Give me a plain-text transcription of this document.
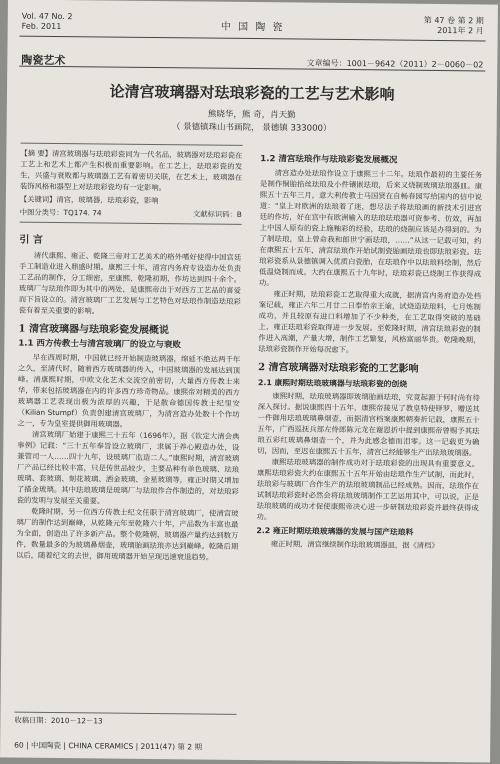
Vol. 47 No. 2
Feb. 2011	中 国 陶 瓷
第 47 卷 第 2 期
2011年 2 月
陶瓷艺术	文章编号：1001－9642（2011）2－0060－02
论清宫玻璃器对珐琅彩瓷的工艺与艺术影响
熊晓华，熊 奇，肖天勤
（ 景德镇珠山书画院， 景德镇 333000）

【摘 要】清宫玻璃器与珐琅彩瓷同为一代名品，玻璃器对珐琅彩瓷在工艺上和艺术上都产生积极而重要影响。在工艺上，珐琅彩瓷的发生，兴盛与衰败都与玻璃器工艺有着密切关联，在艺术上，玻璃器在装饰风格和器型上对珐琅彩瓷均有一定影响。

【关键词】清宫，玻璃器，珐琅彩瓷，影响

中图分类号：TQ174. 74	文献标识码：B
引 言

清代康熙、雍正、乾隆三帝对工艺美术的格外嗜好使得中国宫廷手工制造业进入鼎盛时期。康熙三十年，清宫内务府专设造办处负责工艺品的制作，分工细密，至康熙、乾隆初期，作坊达到四十余个。玻璃厂与珐琅作即为其中的两处，是康熙帝出于对西方工艺品的喜爱而下旨设立的。清宫玻璃厂工艺发展与工艺特色对珐琅作制造珐琅彩瓷有着至关重要的影响。

1 清宫玻璃器与珐琅彩瓷发展概说
1.1 西方传教士与清宫玻璃厂的设立与衰败

早在西周时期，中国就已经开始制造玻璃器，绵延不绝达两千年之久，至清代时，随着西方玻璃器的传入，中国玻璃器的发展达到顶峰。清康熙时期，中欧文化艺术交流空前密切，大量西方传教士来华，带来包括玻璃器在内的许多西方珍奇物品。康熙帝对精美的西方玻璃器工艺表现出极为浓厚的兴趣，于是散命德国传教士纪里安（Kilian Stumpf）负责创建清宫玻璃厂，为清宫造办处数十个作坊之一，专为皇室提供御用玻璃器。

清宫玻璃厂始建于康熙三十五年（1696年），据《钦定大清会典事例》记载：“三十五年奉旨设立玻璃厂，隶属于养心殿造办处，设兼管司一人……四十九年，设玻璃厂监造二人。”康熙时期，清宫玻璃厂产品已经比较丰富，只是传世品较少，主要品种有单色玻璃、珐琅玻璃、套玻璃、刻花玻璃、洒金玻璃、金星玻璃等，雍正时期又增加了描金玻璃。其中珐琅玻璃是玻璃厂与珐琅作合作制造的，对珐琅彩瓷的发明与发展至关重要。

乾隆时期，另一位西方传教士纪文任职于清宫玻璃厂，使清宫玻璃厂的制作达到巅峰，从乾隆元年至乾隆六十年，产品数为丰富也最为全面，创造出了许多新产品。整个乾隆朝，玻璃器产量约达到数万件，数量最多的为玻璃鼻烟壶，玻璃胎画珐琅亦达到巅峰。乾隆后期以后，随着纪文的去世，御用玻璃器开始呈现迅速衰退趋势。

1.2 清宫珐琅作与珐琅彩瓷发展概况

清宫造办处珐琅作设立于康熙三十二年。珐琅作最初的主要任务是制作铜胎掐丝珐琅及小件镶嵌珐琅，后来又烧制玻璃珐琅器皿。康熙五十五年三月，意大利传教士马国贤在自畅春园写给国内的信中说道：“皇上对欧洲的珐琅着了迷，想尽法子将珐琅画的新技术引进宫廷的作坊，好在宫中有欧洲输入的珐琅珐琅器可资参考、仿效，再加上中国人原有的瓷上施釉彩的经验，珐琅的烧制应该是办得到的。为了制珐琅，皇上曾命我和郎世宁画珐琅，……”从这一记载可知，约在康熙五十五年，清宫珐琅作开始试制瓷胎画珐琅也即珐琅彩瓷。珐琅彩瓷系从景德镇调入优质白瓷胎，在珐琅作中以珐琅料绘制，然后低温烧制而成。大约在康熙五十九年时，珐琅彩瓷已烧制工作获得成功。

雍正时期，珐琅彩瓷工艺取得重大成就，据清宫内务府造办处档案记载，雍正六年二月廿二日奉怡亲王谕，试烧造珐琅料，七月炼制成功，并且较原有进口料增加了不少种类，在工艺取得突破的基础上，雍正珐琅彩瓷取得进一步发展。至乾隆时期，清宫珐琅彩瓷的制作进入高潮，产量大增，制作工艺繁复，风格富丽华贵。乾隆晚期，珐琅彩瓷制作开始每况愈下。

2 清宫玻璃器对珐琅彩瓷的工艺影响
2.1 康熙时期珐琅玻璃器与珐琅彩瓷的创烧

康熙时期，珐琅玻璃器即玻璃胎画珐琅，究竟起源于何时尚有待深入探讨。据说康熙四十五年，康熙帝接见了教皇特使铎罗，赠送其一件御用珐琅玻璃鼻烟壶，而据清宫档案康熙朝奏折记载，康熙五十五年，广西巡抚兵部左侍郎陈元龙在谢恩折中提到康熙帝曾赐予其珐琅五彩红玻璃鼻烟壶一个，并为此感念德而泪零。这一记载更为确切，因而，至迟在康熙五十五年，清宫已经能够生产出珐琅玻璃器。

康熙珐琅玻璃器的制作成功对于珐琅彩瓷的出现具有重要意义。康熙珐琅彩瓷大约在康熙五十五年开始由珐琅作生产试制，而此时，珐琅彩与玻璃厂合作生产的珐琅玻璃制品已经成熟。因而，珐琅作在试制珐琅彩瓷时必然会将珐琅玻璃制作工艺运用其中，可以说，正是珐琅玻璃的成功才促使康熙帝决心进一步研制珐琅彩瓷并最终获得成功。

2.2 雍正时期珐琅玻璃器的发展与国产珐琅料

雍正时期，清宫继续制作珐琅玻璃器皿，据《清档》

收稿日期：2010－12－13
60 | 中国陶瓷 | CHINA CERAMICS | 2011(47) 第 2 期
